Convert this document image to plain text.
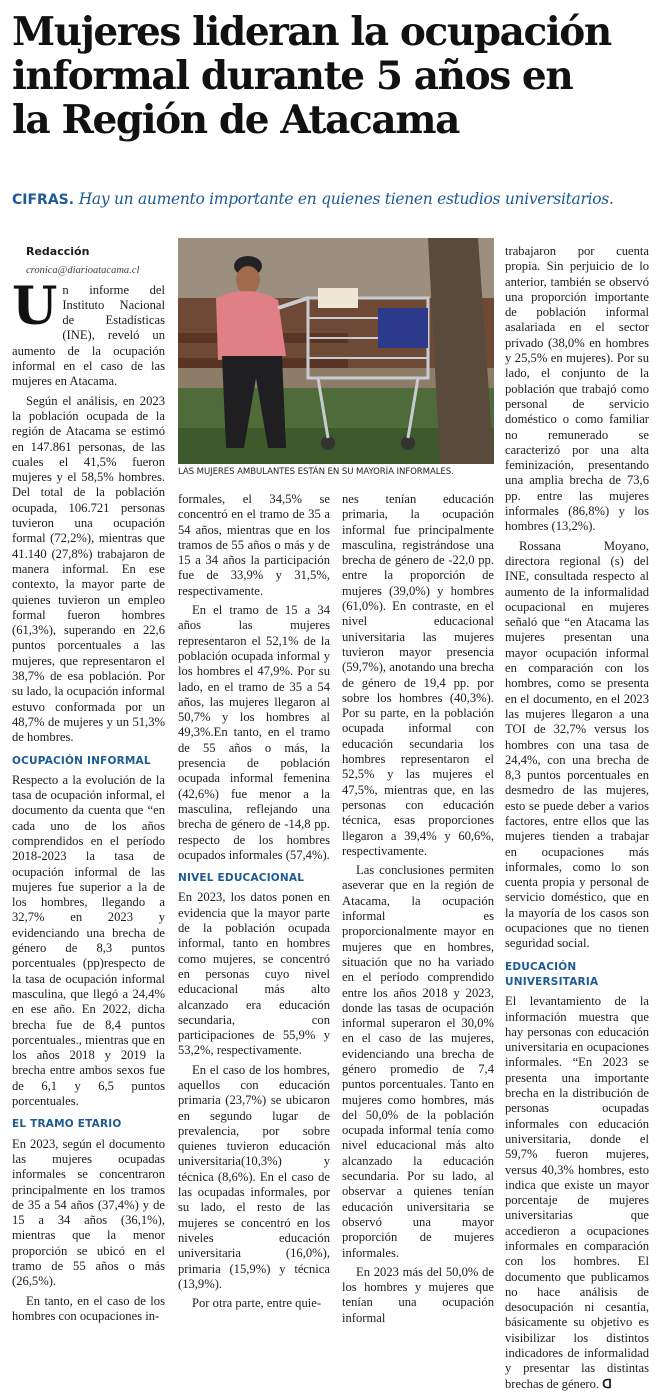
Mujeres lideran la ocupación
informal durante 5 años en
la Región de Atacama

CIFRAS. Hay un aumento importante en quienes tienen estudios universitarios.

Redacción

cronica@diarioatacama.cl

Un informe del Instituto Nacional de Estadísticas (INE), reveló un aumento de la ocupación informal en el caso de las mujeres en Atacama.

Según el análisis, en 2023 la población ocupada de la región de Atacama se estimó en 147.861 personas, de las cuales el 41,5% fueron mujeres y el 58,5% hombres. Del total de la población ocupada, 106.721 personas tuvieron una ocupación formal (72,2%), mientras que 41.140 (27,8%) trabajaron de manera informal. En ese contexto, la mayor parte de quienes tuvieron un empleo formal fueron hombres (61,3%), superando en 22,6 puntos porcentuales a las mujeres, que representaron el 38,7% de esa población. Por su lado, la ocupación informal estuvo conformada por un 48,7% de mujeres y un 51,3% de hombres.

OCUPACIÓN INFORMAL

Respecto a la evolución de la tasa de ocupación informal, el documento da cuenta que “en cada uno de los años comprendidos en el período 2018-2023 la tasa de ocupación informal de las mujeres fue superior a la de los hombres, llegando a 32,7% en 2023 y evidenciando una brecha de género de 8,3 puntos porcentuales (pp)respecto de la tasa de ocupación informal masculina, que llegó a 24,4% en ese año. En 2022, dicha brecha fue de 8,4 puntos porcentuales., mientras que en los años 2018 y 2019 la brecha entre ambos sexos fue de 6,1 y 6,5 puntos porcentuales.

EL TRAMO ETARIO

En 2023, según el documento las mujeres ocupadas informales se concentraron principalmente en los tramos de 35 a 54 años (37,4%) y de 15 a 34 años (36,1%), mientras que la menor proporción se ubicó en el tramo de 55 años o más (26,5%).

En tanto, en el caso de los hombres con ocupaciones in-

LAS MUJERES AMBULANTES ESTÁN EN SU MAYORÍA INFORMALES.

formales, el 34,5% se concentró en el tramo de 35 a 54 años, mientras que en los tramos de 55 años o más y de 15 a 34 años la participación fue de 33,9% y 31,5%, respectivamente.

En el tramo de 15 a 34 años las mujeres representaron el 52,1% de la población ocupada informal y los hombres el 47,9%. Por su lado, en el tramo de 35 a 54 años, las mujeres llegaron al 50,7% y los hombres al 49,3%.En tanto, en el tramo de 55 años o más, la presencia de población ocupada informal femenina (42,6%) fue menor a la masculina, reflejando una brecha de género de -14,8 pp. respecto de los hombres ocupados informales (57,4%).

NIVEL EDUCACIONAL

En 2023, los datos ponen en evidencia que la mayor parte de la población ocupada informal, tanto en hombres como mujeres, se concentró en personas cuyo nivel educacional más alto alcanzado era educación secundaria, con participaciones de 55,9% y 53,2%, respectivamente.

En el caso de los hombres, aquellos con educación primaria (23,7%) se ubicaron en segundo lugar de prevalencia, por sobre quienes tuvieron educación universitaria(10,3%) y técnica (8,6%). En el caso de las ocupadas informales, por su lado, el resto de las mujeres se concentró en los niveles educación universitaria (16,0%), primaria (15,9%) y técnica (13,9%).

Por otra parte, entre quie-

nes tenían educación primaria, la ocupación informal fue principalmente masculina, registrándose una brecha de género de -22,0 pp. entre la proporción de mujeres (39,0%) y hombres (61,0%). En contraste, en el nivel educacional universitaria las mujeres tuvieron mayor presencia (59,7%), anotando una brecha de género de 19,4 pp. por sobre los hombres (40,3%). Por su parte, en la población ocupada informal con educación secundaria los hombres representaron el 52,5% y las mujeres el 47,5%, mientras que, en las personas con educación técnica, esas proporciones llegaron a 39,4% y 60,6%, respectivamente.

Las conclusiones permiten aseverar que en la región de Atacama, la ocupación informal es proporcionalmente mayor en mujeres que en hombres, situación que no ha variado en el período comprendido entre los años 2018 y 2023, donde las tasas de ocupación informal superaron el 30,0% en el caso de las mujeres, evidenciando una brecha de género promedio de 7,4 puntos porcentuales. Tanto en mujeres como hombres, más del 50,0% de la población ocupada informal tenía como nivel educacional más alto alcanzado la educación secundaria. Por su lado, al observar a quienes tenían educación universitaria se observó una mayor proporción de mujeres informales.

En 2023 más del 50,0% de los hombres y mujeres que tenían una ocupación informal

trabajaron por cuenta propia. Sin perjuicio de lo anterior, también se observó una proporción importante de población informal asalariada en el sector privado (38,0% en hombres y 25,5% en mujeres). Por su lado, el conjunto de la población que trabajó como personal de servicio doméstico o como familiar no remunerado se caracterizó por una alta feminización, presentando una amplia brecha de 73,6 pp. entre las mujeres informales (86,8%) y los hombres (13,2%).

Rossana Moyano, directora regional (s) del INE, consultada respecto al aumento de la informalidad ocupacional en mujeres señaló que “en Atacama las mujeres presentan una mayor ocupación informal en comparación con los hombres, como se presenta en el documento, en el 2023 las mujeres llegaron a una TOI de 32,7% versus los hombres con una tasa de 24,4%, con una brecha de 8,3 puntos porcentuales en desmedro de las mujeres, esto se puede deber a varios factores, entre ellos que las mujeres tienden a trabajar en ocupaciones más informales, como lo son cuenta propia y personal de servicio doméstico, que en la mayoría de los casos son ocupaciones que no tienen seguridad social.

EDUCACIÓN UNIVERSITARIA

El levantamiento de la información muestra que hay personas con educación universitaria en ocupaciones informales. “En 2023 se presenta una importante brecha en la distribución de personas ocupadas informales con educación universitaria, donde el 59,7% fueron mujeres, versus 40,3% hombres, esto indica que existe un mayor porcentaje de mujeres universitarias que accedieron a ocupaciones informales en comparación con los hombres. El documento que publicamos no hace análisis de desocupación ni cesantía, básicamente su objetivo es visibilizar los distintos indicadores de informalidad y presentar las distintas brechas de género. ᗡ
